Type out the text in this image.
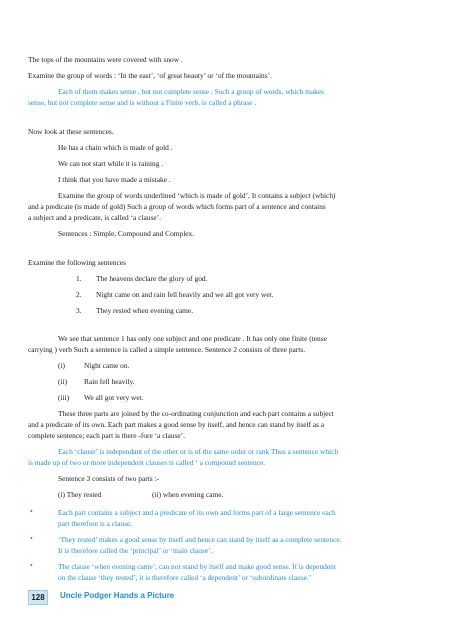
The tops of the mountains were covered with snow .
Examine the group of words : ‘In the east’, ‘of great beauty’ or ‘of the mountains’.
Each of them makes sense , but not complete sense . Such a group of words, which makes
sense, but not complete sense and is without a Finite verb, is called a phrase .
Now look at these sentences.
He has a chain which is made of gold .
We can not start while it is raining .
I think that you have made a mistake .
Examine the group of words underlined ‘which is made of gold’, It contains a subject (which)
and a predicate (is made of gold) Such a group of words which forms part of a sentence and contains
a subject and a predicate, is called ‘a clause’.
Sentences : Simple, Compound and Complex.
Examine the following sentences
1. The heavens declare the glory of god.
2. Night came on and rain fell heavily and we all got very wet.
3. They rested when evening came.
We see that sentence 1 has only one subject and one predicate . It has only one finite (tense
carrying ) verb Such a sentence is called a simple sentence. Sentence 2 consists of three parts.
(i)	Night came on.
(ii) Rain fell heavily.
(iii) We all got very wet.
These three parts are joined by the co-ordinating conjunction and each part contains a subject
and a predicate of its own. Each part makes a good sense by itself, and hence can stand by itself as a
complete sentence; each part is there -fore ‘a clause’.
Each ‘clause’ is independant of the other or is of the same order or rank Thus a sentence which
is made up of two or more independent clauses is called ‘ a compound sentence.
Sentence 3 consists of two parts :-
(i) They rested	(ii) when evening came.
•	Each part contains a subject and a predicate of its own and forms part of a large sentence each
part therefore is a clause.
•	‘They rested’ makes a good sense by itself and hence can stand by itself as a complete sentence.
It is therefore called the ‘principal’ or ‘main clause’.
•	The clause ‘when evening came’, can not stand by itself and make good sense. It is dependent
on the clause ‘they rested’, it is therefore called ‘a dependent’ or ‘subordinate clause.’
128	Uncle Podger Hands a Picture
